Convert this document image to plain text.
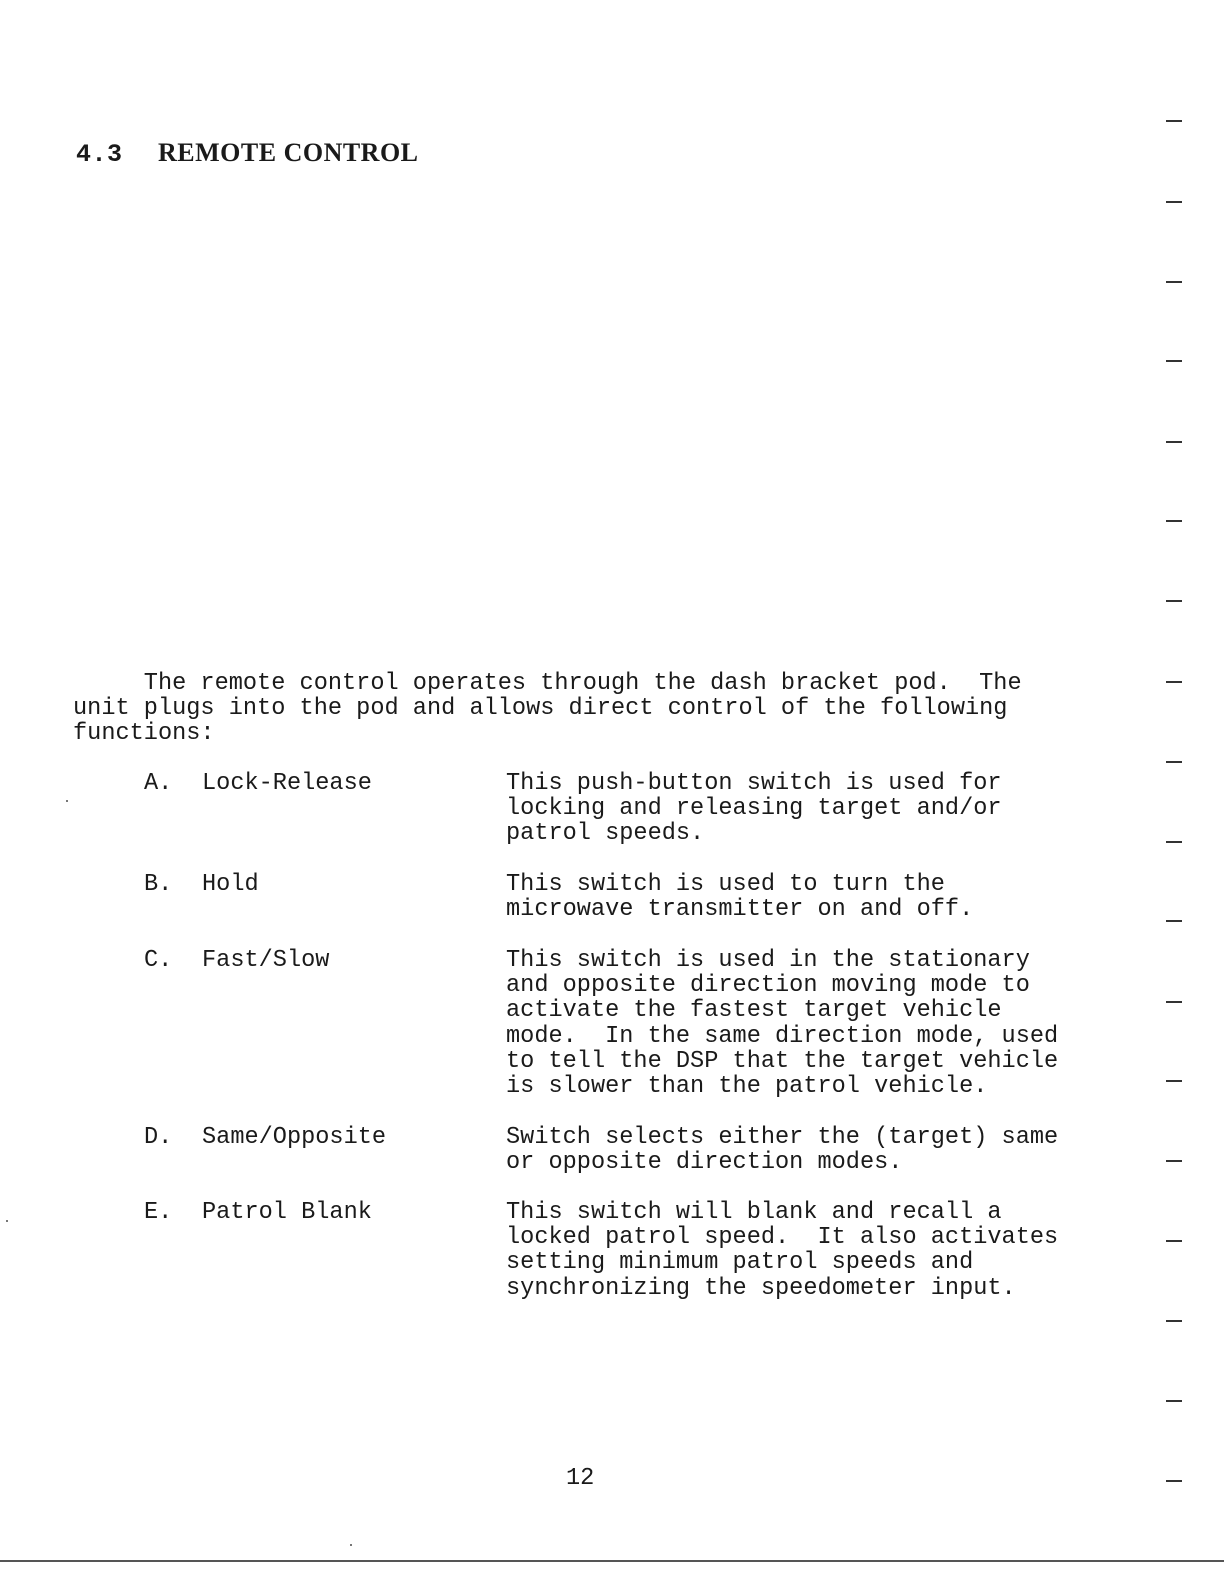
4.3 REMOTE CONTROL
The remote control operates through the dash bracket pod.  The
unit plugs into the pod and allows direct control of the following
functions:

A.

Lock-Release

	This push-button switch is used for
locking and releasing target and/or
patrol speeds.

B.

Hold

	This switch is used to turn the
microwave transmitter on and off.

C.

Fast/Slow

	This switch is used in the stationary
and opposite direction moving mode to
activate the fastest target vehicle
mode.  In the same direction mode, used
to tell the DSP that the target vehicle
is slower than the patrol vehicle.

D.

Same/Opposite

	Switch selects either the (target) same
or opposite direction modes.

E.

Patrol Blank

	This switch will blank and recall a
locked patrol speed.  It also activates
setting minimum patrol speeds and
synchronizing the speedometer input.

12
